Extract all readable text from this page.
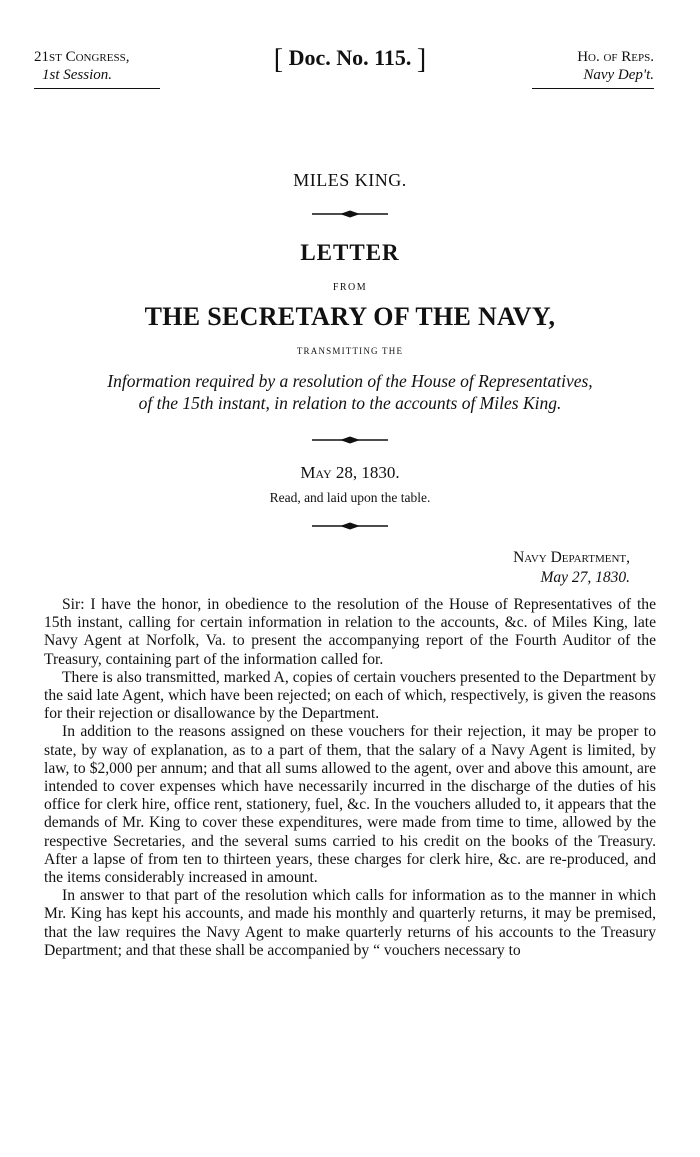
21st Congress,
1st Session.	[ Doc. No. 115. ]	Ho. of Reps.
Navy Dep't.
MILES KING.
LETTER
FROM
THE SECRETARY OF THE NAVY,
TRANSMITTING THE
Information required by a resolution of the House of Representatives,
of the 15th instant, in relation to the accounts of Miles King.
May 28, 1830.
Read, and laid upon the table.
Navy Department,
May 27, 1830.

Sir: I have the honor, in obedience to the resolution of the House of Representatives of the 15th instant, calling for certain information in relation to the accounts, &c. of Miles King, late Navy Agent at Norfolk, Va. to present the accompanying report of the Fourth Auditor of the Treasury, containing part of the information called for.

There is also transmitted, marked A, copies of certain vouchers presented to the Department by the said late Agent, which have been rejected; on each of which, respectively, is given the reasons for their rejection or disallowance by the Department.

In addition to the reasons assigned on these vouchers for their rejection, it may be proper to state, by way of explanation, as to a part of them, that the salary of a Navy Agent is limited, by law, to $2,000 per annum; and that all sums allowed to the agent, over and above this amount, are intended to cover expenses which have necessarily incurred in the discharge of the duties of his office for clerk hire, office rent, stationery, fuel, &c. In the vouchers alluded to, it appears that the demands of Mr. King to cover these expenditures, were made from time to time, allowed by the respective Secretaries, and the several sums carried to his credit on the books of the Treasury. After a lapse of from ten to thirteen years, these charges for clerk hire, &c. are re-produced, and the items considerably increased in amount.

In answer to that part of the resolution which calls for information as to the manner in which Mr. King has kept his accounts, and made his monthly and quarterly returns, it may be premised, that the law requires the Navy Agent to make quarterly returns of his accounts to the Treasury Department; and that these shall be accompanied by “ vouchers necessary to
